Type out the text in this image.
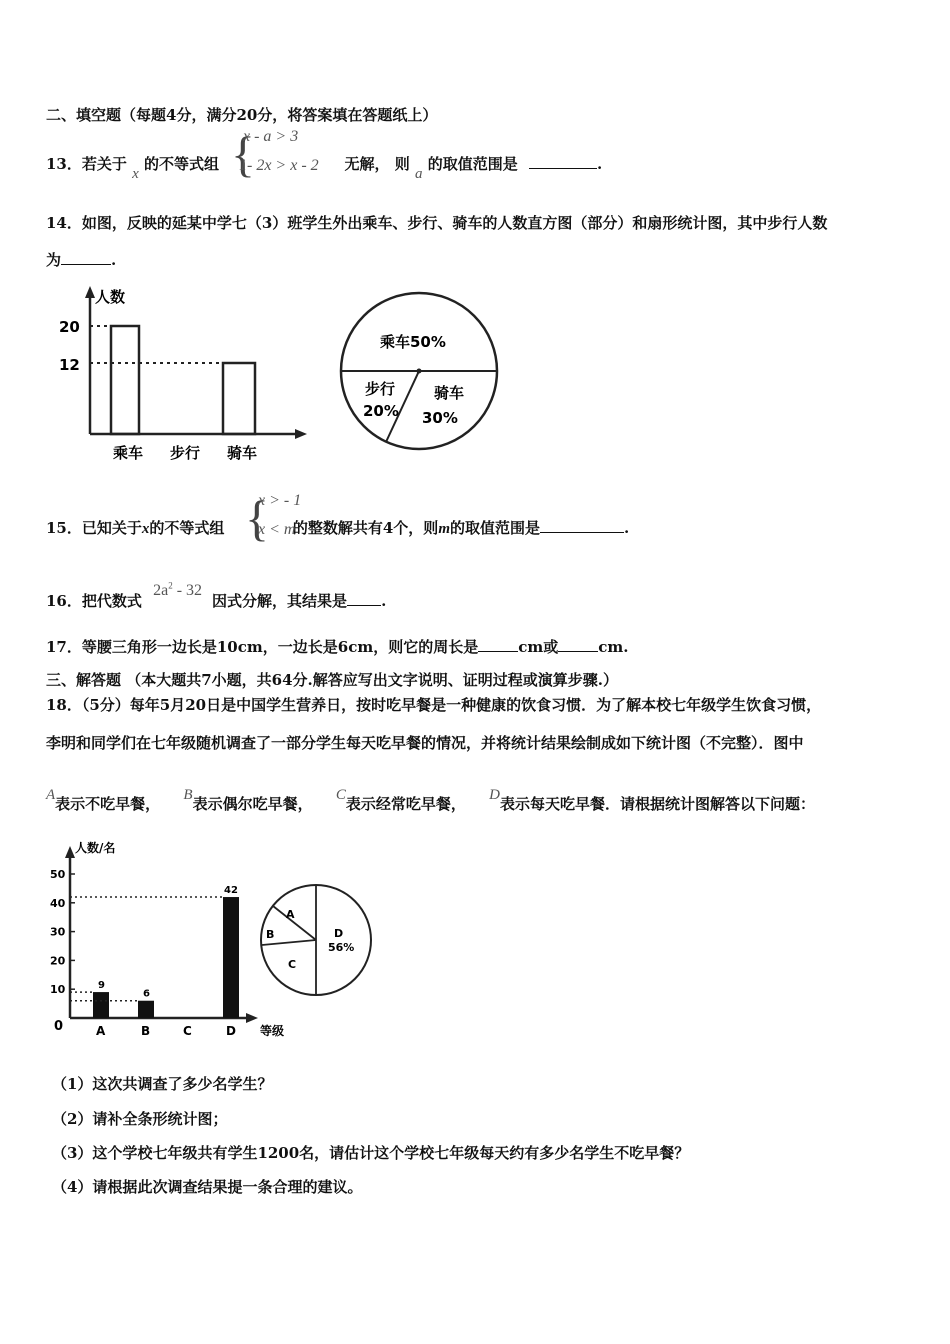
二、填空题（每题4分，满分20分，将答案填在答题纸上）
13．若关于 x 的不等式组	无解， 则 a 的取值范围是	.
{
x - a > 3
1- 2x > x - 2
14．如图，反映的延某中学七（3）班学生外出乘车、步行、骑车的人数直方图（部分）和扇形统计图，其中步行人数
为	.
人数
20
12
乘车 步行 骑车
乘车50%
步行
20%
骑车
30%
15．已知关于x的不等式组	的整数解共有4个，则m的取值范围是	.
{
x > - 1
x < m
16．把代数式 $2a^2 - 32$ 因式分解，其结果是 .
17．等腰三角形一边长是10cm，一边长是6cm，则它的周长是	cm或	cm.
三、解答题 （本大题共7小题，共64分.解答应写出文字说明、证明过程或演算步骤.）
18．（5分）每年5月20日是中国学生营养日，按时吃早餐是一种健康的饮食习惯．为了解本校七年级学生饮食习惯，
李明和同学们在七年级随机调查了一部分学生每天吃早餐的情况，并将统计结果绘制成如下统计图（不完整）．图中
A表示不吃早餐， B表示偶尔吃早餐， C表示经常吃早餐， D表示每天吃早餐．请根据统计图解答以下问题：
人数/名
等级
0
10
20
30
40
50
A
9
B
6
C	D
42
A
B
C
D
56%
（1）这次共调查了多少名学生？
（2）请补全条形统计图；
（3）这个学校七年级共有学生1200名，请估计这个学校七年级每天约有多少名学生不吃早餐？
（4）请根据此次调查结果提一条合理的建议。
